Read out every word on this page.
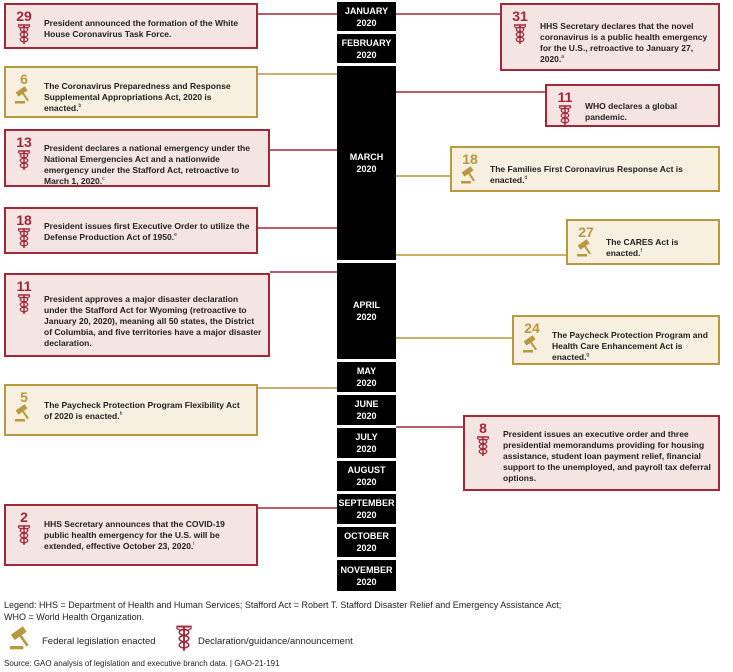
JANUARY
2020
FEBRUARY
2020
MARCH
2020
APRIL
2020
MAY
2020
JUNE
2020
JULY
2020
AUGUST
2020
SEPTEMBER
2020
OCTOBER
2020
NOVEMBER
2020
29	President announced the formation of the White House Coronavirus Task Force.
31
HHS Secretary declares that the novel coronavirus is a public health emergency for the U.S., retroactive to January 27, 2020.$^a$
6	The Coronavirus Preparedness and Response Supplemental Appropriations Act, 2020 is enacted.$^b$
11
WHO declares a global pandemic.
13	President declares a national emergency under the National Emergencies Act and a nationwide emergency under the Stafford Act, retroactive to March 1, 2020.$^c$
18
The Families First Coronavirus Response Act is enacted.$^d$
18	President issues first Executive Order to utilize the Defense Production Act of 1950.$^e$	27
The CARES Act is enacted.$^f$
11
President approves a major disaster declaration under the Stafford Act for Wyoming (retroactive to January 20, 2020), meaning all 50 states, the District of Columbia, and five territories have a major disaster declaration.
24	The Paycheck Protection Program and Health Care Enhancement Act is enacted.$^g$
5	The Paycheck Protection Program Flexibility Act of 2020 is enacted.$^h$
8	President issues an executive order and three presidential memorandums providing for housing assistance, student loan payment relief, financial support to the unemployed, and payroll tax deferral options.
2	HHS Secretary announces that the COVID-19 public health emergency for the U.S. will be extended, effective October 23, 2020.$^i$
Legend: HHS = Department of Health and Human Services; Stafford Act = Robert T. Stafford Disaster Relief and Emergency Assistance Act;
WHO = World Health Organization.
Federal legislation enacted	Declaration/guidance/announcement
Source: GAO analysis of legislation and executive branch data. | GAO-21-191
